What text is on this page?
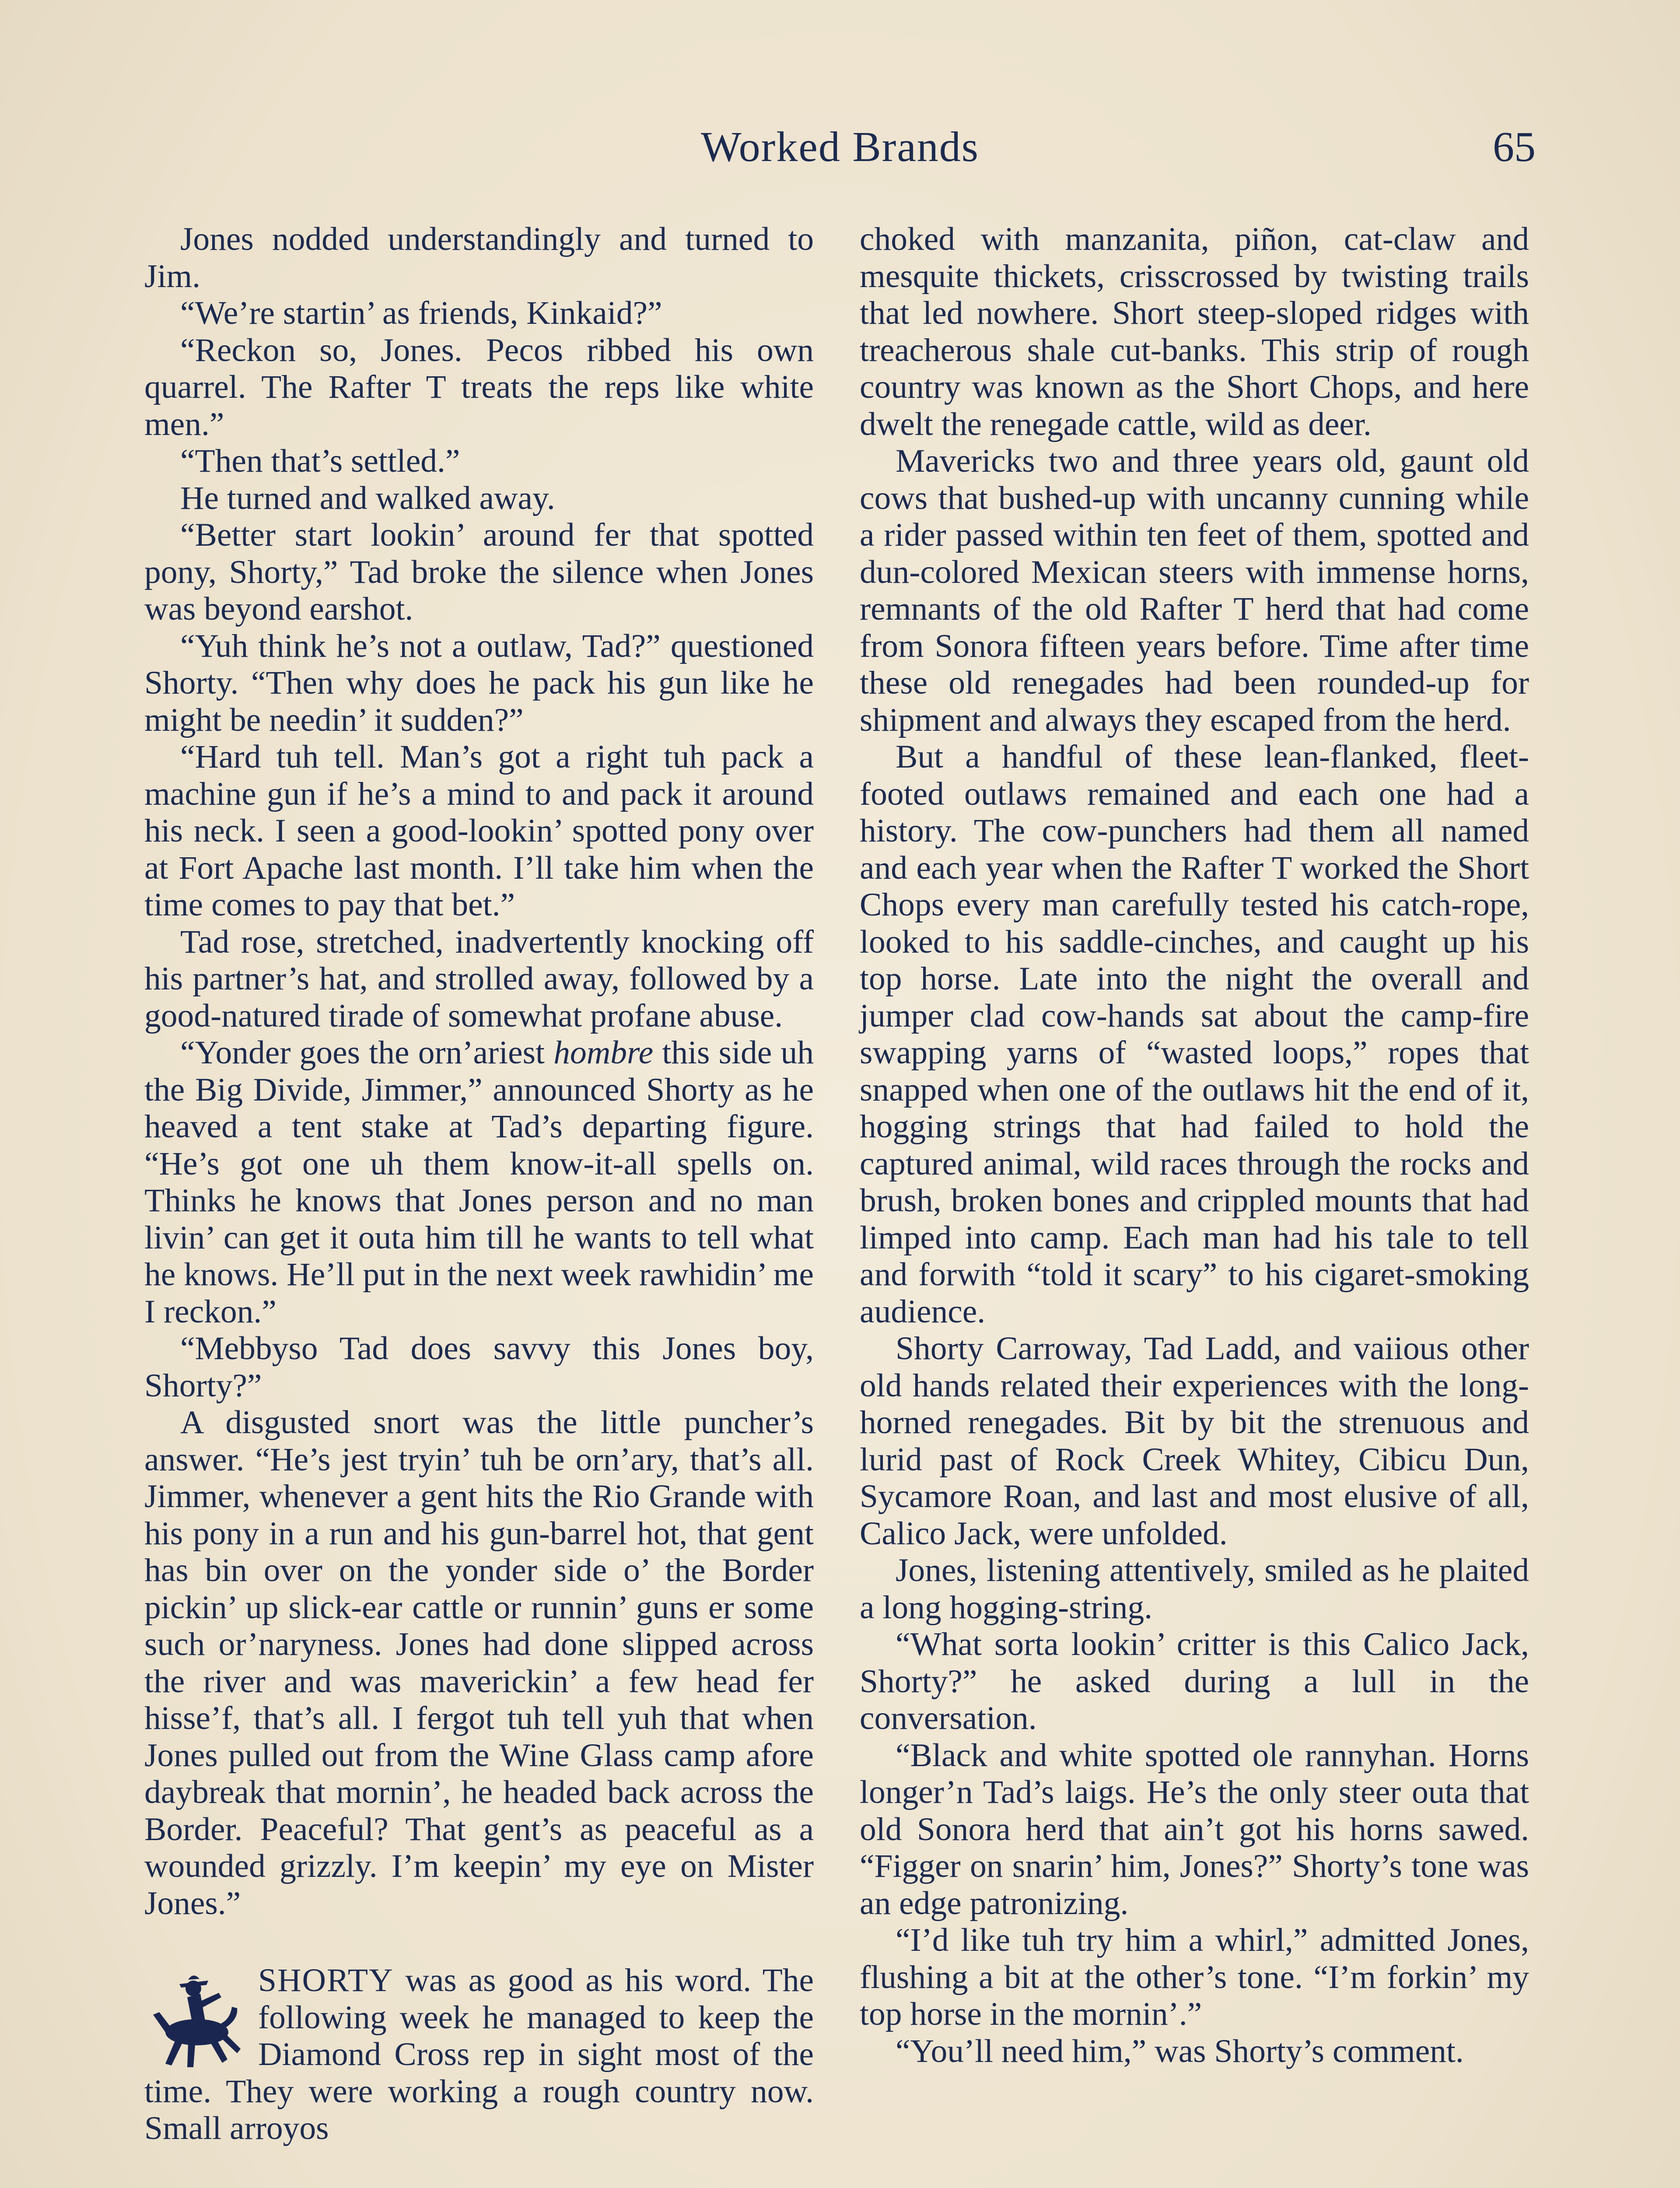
Worked Brands	65

Jones nodded understandingly and turned to Jim.

“We’re startin’ as friends, Kinkaid?”

“Reckon so, Jones. Pecos ribbed his own quarrel. The Rafter T treats the reps like white men.”

“Then that’s settled.”

He turned and walked away.

“Better start lookin’ around fer that spotted pony, Shorty,” Tad broke the silence when Jones was beyond earshot.

“Yuh think he’s not a outlaw, Tad?” questioned Shorty. “Then why does he pack his gun like he might be needin’ it sudden?”

“Hard tuh tell. Man’s got a right tuh pack a machine gun if he’s a mind to and pack it around his neck. I seen a good-lookin’ spotted pony over at Fort Apache last month. I’ll take him when the time comes to pay that bet.”

Tad rose, stretched, inadvertently knocking off his partner’s hat, and strolled away, followed by a good-natured tirade of somewhat profane abuse.

“Yonder goes the orn’ariest hombre this side uh the Big Divide, Jimmer,” announced Shorty as he heaved a tent stake at Tad’s departing figure. “He’s got one uh them know-it-all spells on. Thinks he knows that Jones person and no man livin’ can get it outa him till he wants to tell what he knows. He’ll put in the next week rawhidin’ me I reckon.”

“Mebbyso Tad does savvy this Jones boy, Shorty?”

A disgusted snort was the little puncher’s answer. “He’s jest tryin’ tuh be orn’ary, that’s all. Jimmer, whenever a gent hits the Rio Grande with his pony in a run and his gun-barrel hot, that gent has bin over on the yonder side o’ the Border pickin’ up slick-ear cattle or runnin’ guns er some such or’naryness. Jones had done slipped across the river and was maverickin’ a few head fer hisse’f, that’s all. I fergot tuh tell yuh that when Jones pulled out from the Wine Glass camp afore daybreak that mornin’, he headed back across the Border. Peaceful? That gent’s as peaceful as a wounded grizzly. I’m keepin’ my eye on Mister Jones.”

SHORTY was as good as his word. The following week he managed to keep the Diamond Cross rep in sight most of the time. They were working a rough country now. Small arroyos

choked with manzanita, piñon, cat-claw and mesquite thickets, crisscrossed by twisting trails that led nowhere. Short steep-sloped ridges with treacherous shale cut-banks. This strip of rough country was known as the Short Chops, and here dwelt the renegade cattle, wild as deer.

Mavericks two and three years old, gaunt old cows that bushed-up with uncanny cunning while a rider passed within ten feet of them, spotted and dun-colored Mexican steers with immense horns, remnants of the old Rafter T herd that had come from Sonora fifteen years before. Time after time these old renegades had been rounded-up for shipment and always they escaped from the herd.

But a handful of these lean-flanked, fleet-footed outlaws remained and each one had a history. The cow-punchers had them all named and each year when the Rafter T worked the Short Chops every man carefully tested his catch-rope, looked to his saddle-cinches, and caught up his top horse. Late into the night the overall and jumper clad cow-hands sat about the camp-fire swapping yarns of “wasted loops,” ropes that snapped when one of the outlaws hit the end of it, hogging strings that had failed to hold the captured animal, wild races through the rocks and brush, broken bones and crippled mounts that had limped into camp. Each man had his tale to tell and forwith “told it scary” to his cigaret-smoking audience.

Shorty Carroway, Tad Ladd, and vaiious other old hands related their experiences with the long-horned renegades. Bit by bit the strenuous and lurid past of Rock Creek Whitey, Cibicu Dun, Sycamore Roan, and last and most elusive of all, Calico Jack, were unfolded.

Jones, listening attentively, smiled as he plaited a long hogging-string.

“What sorta lookin’ critter is this Calico Jack, Shorty?” he asked during a lull in the conversation.

“Black and white spotted ole rannyhan. Horns longer’n Tad’s laigs. He’s the only steer outa that old Sonora herd that ain’t got his horns sawed. “Figger on snarin’ him, Jones?” Shorty’s tone was an edge patronizing.

“I’d like tuh try him a whirl,” admitted Jones, flushing a bit at the other’s tone. “I’m forkin’ my top horse in the mornin’.”

“You’ll need him,” was Shorty’s comment.
